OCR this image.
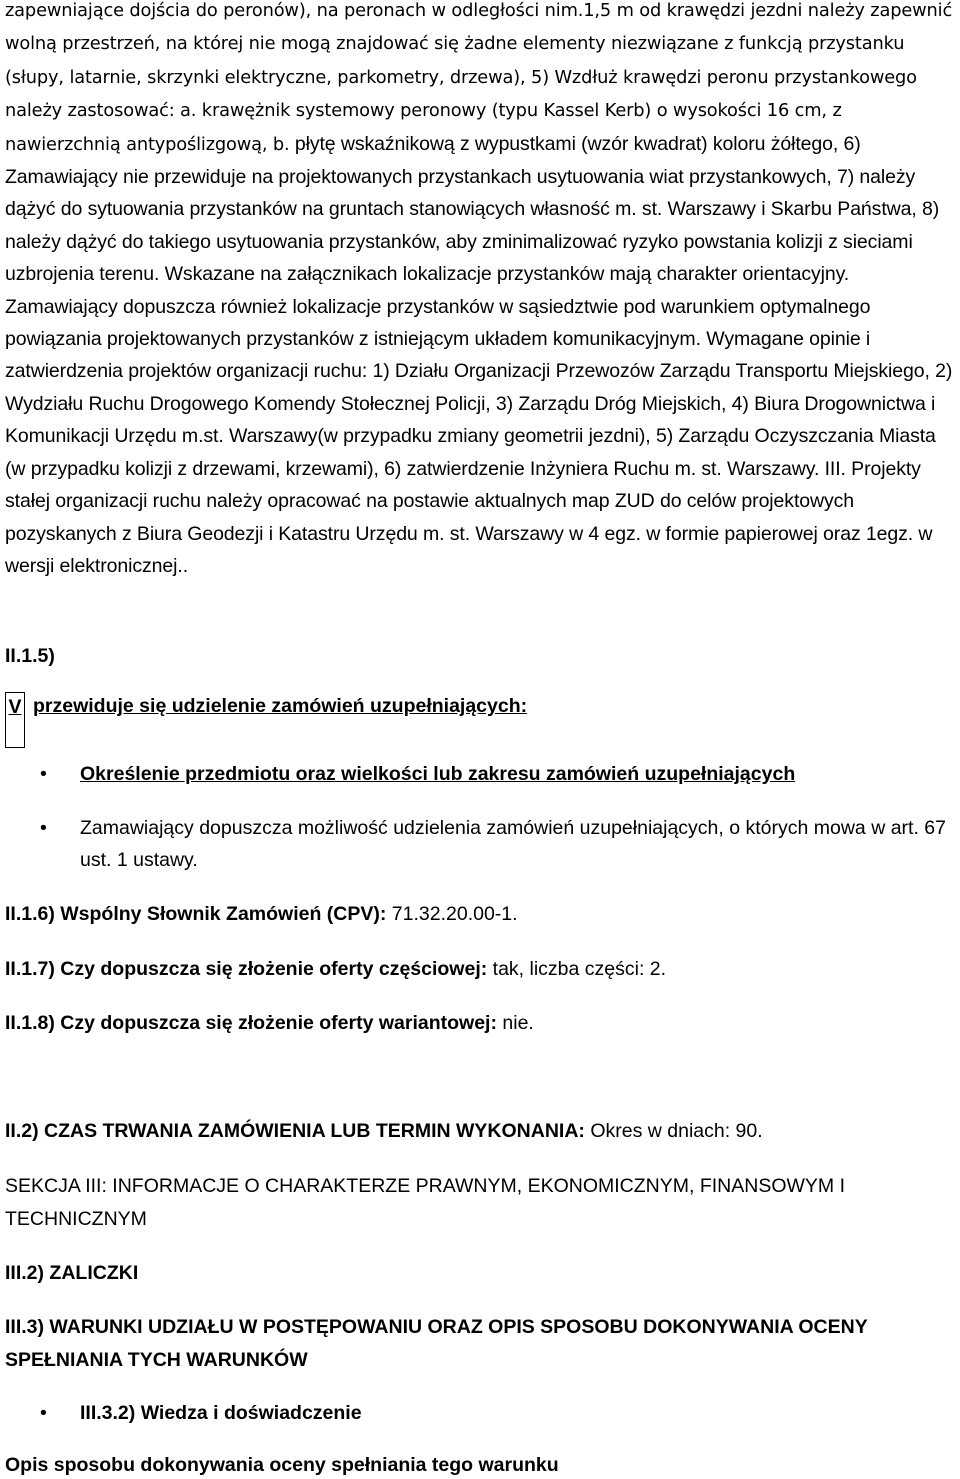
zapewniające dojścia do peronów), na peronach w odległości nim.1,5 m od krawędzi jezdni należy zapewnić wolną przestrzeń, na której nie mogą znajdować się żadne elementy niezwiązane z funkcją przystanku (słupy, latarnie, skrzynki elektryczne, parkometry, drzewa), 5) Wzdłuż krawędzi peronu przystankowego należy zastosować: a. krawężnik systemowy peronowy (typu Kassel Kerb) o wysokości 16 cm, z nawierzchnią antypoślizgową, b. płytę wskaźnikową z wypustkami (wzór kwadrat) koloru żółtego, 6) Zamawiający nie przewiduje na projektowanych przystankach usytuowania wiat przystankowych, 7) należy dążyć do sytuowania przystanków na gruntach stanowiących własność m. st. Warszawy i Skarbu Państwa, 8) należy dążyć do takiego usytuowania przystanków, aby zminimalizować ryzyko powstania kolizji z sieciami uzbrojenia terenu. Wskazane na załącznikach lokalizacje przystanków mają charakter orientacyjny. Zamawiający dopuszcza również lokalizacje przystanków w sąsiedztwie pod warunkiem optymalnego powiązania projektowanych przystanków z istniejącym układem komunikacyjnym. Wymagane opinie i zatwierdzenia projektów organizacji ruchu: 1) Działu Organizacji Przewozów Zarządu Transportu Miejskiego, 2) Wydziału Ruchu Drogowego Komendy Stołecznej Policji, 3) Zarządu Dróg Miejskich, 4) Biura Drogownictwa i Komunikacji Urzędu m.st. Warszawy(w przypadku zmiany geometrii jezdni), 5) Zarządu Oczyszczania Miasta (w przypadku kolizji z drzewami, krzewami), 6) zatwierdzenie Inżyniera Ruchu m. st. Warszawy. III. Projekty stałej organizacji ruchu należy opracować na postawie aktualnych map ZUD do celów projektowych pozyskanych z Biura Geodezji i Katastru Urzędu m. st. Warszawy w 4 egz. w formie papierowej oraz 1egz. w wersji elektronicznej..

II.1.5)
V przewiduje się udzielenie zamówień uzupełniających:
• Określenie przedmiotu oraz wielkości lub zakresu zamówień uzupełniających
• Zamawiający dopuszcza możliwość udzielenia zamówień uzupełniających, o których mowa w art. 67 ust. 1 ustawy.
II.1.6) Wspólny Słownik Zamówień (CPV): 71.32.20.00-1.
II.1.7) Czy dopuszcza się złożenie oferty częściowej: tak, liczba części: 2.
II.1.8) Czy dopuszcza się złożenie oferty wariantowej: nie.
II.2) CZAS TRWANIA ZAMÓWIENIA LUB TERMIN WYKONANIA: Okres w dniach: 90.
SEKCJA III: INFORMACJE O CHARAKTERZE PRAWNYM, EKONOMICZNYM, FINANSOWYM I TECHNICZNYM
III.2) ZALICZKI
III.3) WARUNKI UDZIAŁU W POSTĘPOWANIU ORAZ OPIS SPOSOBU DOKONYWANIA OCENY SPEŁNIANIA TYCH WARUNKÓW
• III.3.2) Wiedza i doświadczenie
Opis sposobu dokonywania oceny spełniania tego warunku
